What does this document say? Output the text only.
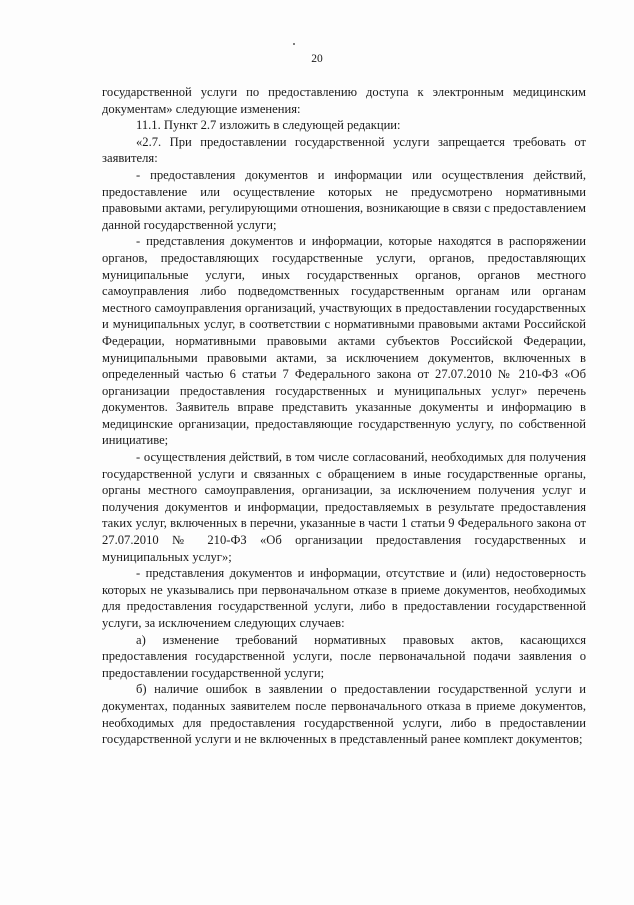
20

государственной услуги по предоставлению доступа к электронным медицинским документам» следующие изменения:

11.1. Пункт 2.7 изложить в следующей редакции:

«2.7. При предоставлении государственной услуги запрещается требовать от заявителя:

- предоставления документов и информации или осуществления действий, предоставление или осуществление которых не предусмотрено нормативными правовыми актами, регулирующими отношения, возникающие в связи с предоставлением данной государственной услуги;

- представления документов и информации, которые находятся в распоряжении органов, предоставляющих государственные услуги, органов, предоставляющих муниципальные услуги, иных государственных органов, органов местного самоуправления либо подведомственных государственным органам или органам местного самоуправления организаций, участвующих в предоставлении государственных и муниципальных услуг, в соответствии с нормативными правовыми актами Российской Федерации, нормативными правовыми актами субъектов Российской Федерации, муниципальными правовыми актами, за исключением документов, включенных в определенный частью 6 статьи 7 Федерального закона от 27.07.2010 № 210-ФЗ «Об организации предоставления государственных и муниципальных услуг» перечень документов. Заявитель вправе представить указанные документы и информацию в медицинские организации, предоставляющие государственную услугу, по собственной инициативе;

- осуществления действий, в том числе согласований, необходимых для получения государственной услуги и связанных с обращением в иные государственные органы, органы местного самоуправления, организации, за исключением получения услуг и получения документов и информации, предоставляемых в результате предоставления таких услуг, включенных в перечни, указанные в части 1 статьи 9 Федерального закона от 27.07.2010 № 210-ФЗ «Об организации предоставления государственных и муниципальных услуг»;

- представления документов и информации, отсутствие и (или) недостоверность которых не указывались при первоначальном отказе в приеме документов, необходимых для предоставления государственной услуги, либо в предоставлении государственной услуги, за исключением следующих случаев:

а) изменение требований нормативных правовых актов, касающихся предоставления государственной услуги, после первоначальной подачи заявления о предоставлении государственной услуги;

б) наличие ошибок в заявлении о предоставлении государственной услуги и документах, поданных заявителем после первоначального отказа в приеме документов, необходимых для предоставления государственной услуги, либо в предоставлении государственной услуги и не включенных в представленный ранее комплект документов;
